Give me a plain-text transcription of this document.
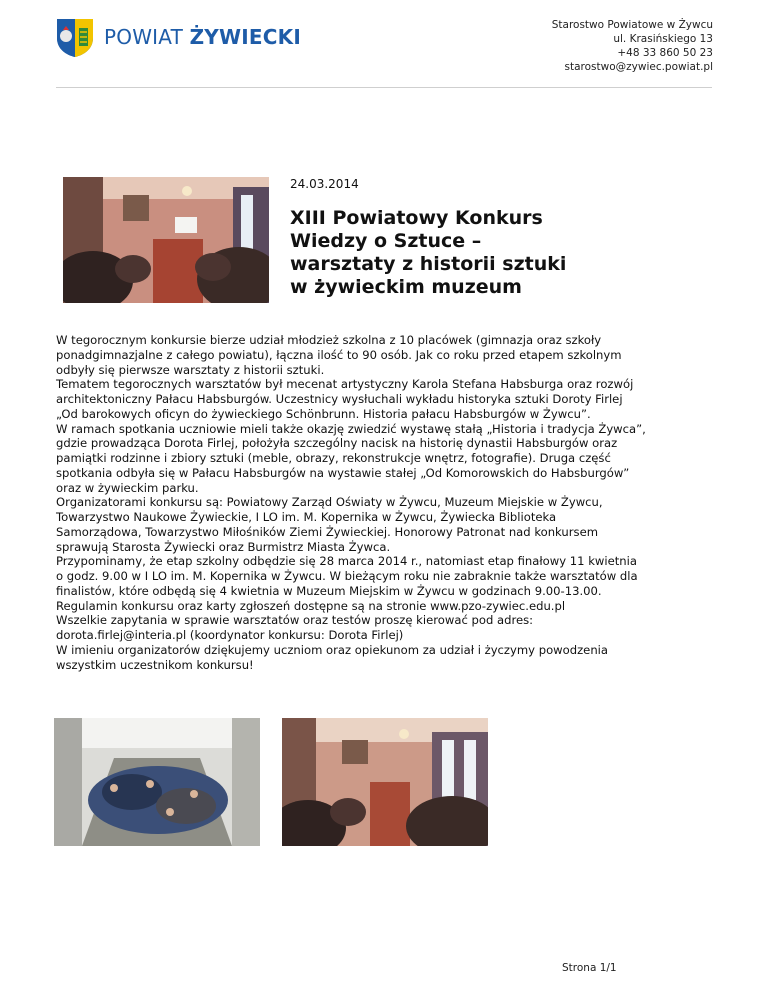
POWIAT ŻYWIECKI	Starostwo Powiatowe w Żywcu
ul. Krasińskiego 13
+48 33 860 50 23
starostwo@zywiec.powiat.pl
24.03.2014
XIII Powiatowy Konkurs
Wiedzy o Sztuce –
warsztaty z historii sztuki
w żywieckim muzeum

W tegorocznym konkursie bierze udział młodzież szkolna z 10 placówek (gimnazja oraz szkoły

ponadgimnazjalne z całego powiatu), łączna ilość to 90 osób. Jak co roku przed etapem szkolnym

odbyły się pierwsze warsztaty z historii sztuki.

Tematem tegorocznych warsztatów był mecenat artystyczny Karola Stefana Habsburga oraz rozwój

architektoniczny Pałacu Habsburgów. Uczestnicy wysłuchali wykładu historyka sztuki Doroty Firlej

„Od barokowych oficyn do żywieckiego Schönbrunn. Historia pałacu Habsburgów w Żywcu”.

W ramach spotkania uczniowie mieli także okazję zwiedzić wystawę stałą „Historia i tradycja Żywca”,

gdzie prowadząca Dorota Firlej, położyła szczególny nacisk na historię dynastii Habsburgów oraz

pamiątki rodzinne i zbiory sztuki (meble, obrazy, rekonstrukcje wnętrz, fotografie). Druga część

spotkania odbyła się w Pałacu Habsburgów na wystawie stałej „Od Komorowskich do Habsburgów”

oraz w żywieckim parku.

Organizatorami konkursu są: Powiatowy Zarząd Oświaty w Żywcu, Muzeum Miejskie w Żywcu,

Towarzystwo Naukowe Żywieckie, I LO im. M. Kopernika w Żywcu, Żywiecka Biblioteka

Samorządowa, Towarzystwo Miłośników Ziemi Żywieckiej. Honorowy Patronat nad konkursem

sprawują Starosta Żywiecki oraz Burmistrz Miasta Żywca.

Przypominamy, że etap szkolny odbędzie się 28 marca 2014 r., natomiast etap finałowy 11 kwietnia

o godz. 9.00 w I LO im. M. Kopernika w Żywcu. W bieżącym roku nie zabraknie także warsztatów dla

finalistów, które odbędą się 4 kwietnia w Muzeum Miejskim w Żywcu w godzinach 9.00-13.00.

Regulamin konkursu oraz karty zgłoszeń dostępne są na stronie www.pzo-zywiec.edu.pl

Wszelkie zapytania w sprawie warsztatów oraz testów proszę kierować pod adres:

dorota.firlej@interia.pl (koordynator konkursu: Dorota Firlej)

W imieniu organizatorów dziękujemy uczniom oraz opiekunom za udział i życzymy powodzenia

wszystkim uczestnikom konkursu!

Strona 1/1
